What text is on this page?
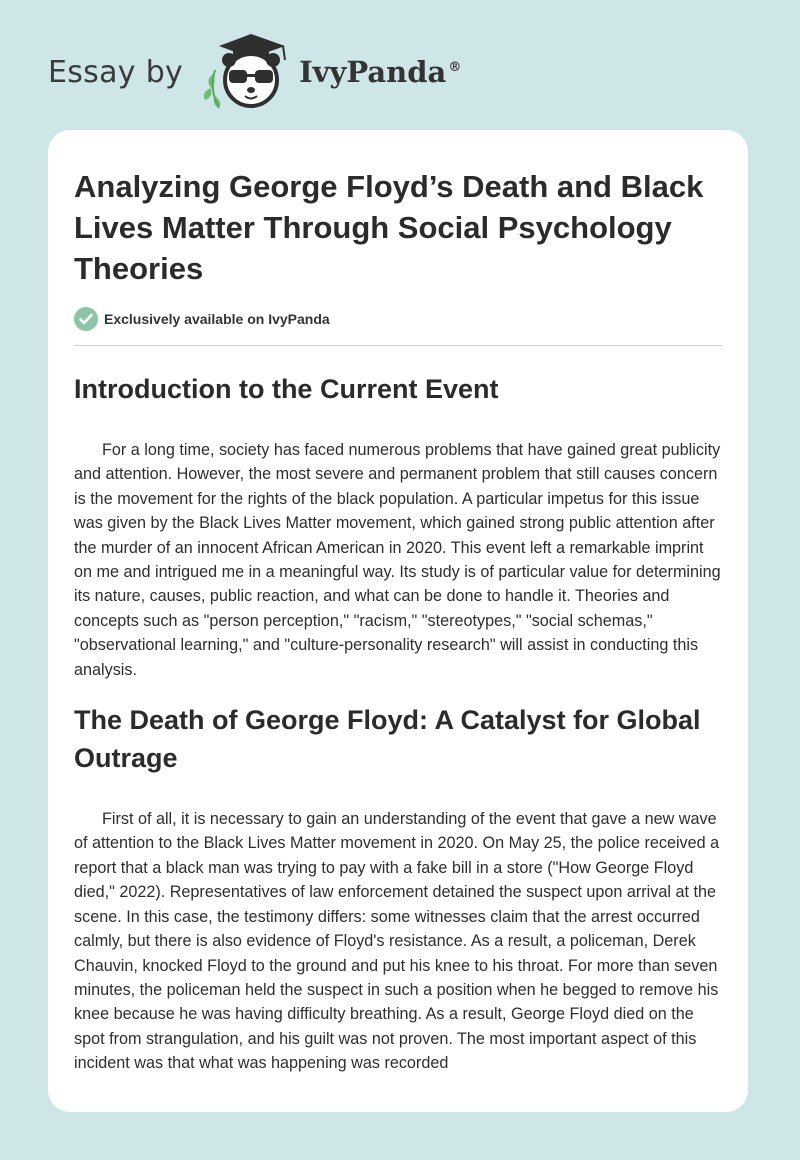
Essay by	IvyPanda ®
Analyzing George Floyd’s Death and Black Lives Matter Through Social Psychology Theories
Exclusively available on IvyPanda
Introduction to the Current Event

For a long time, society has faced numerous problems that have gained great publicity and attention. However, the most severe and permanent problem that still causes concern is the movement for the rights of the black population. A particular impetus for this issue was given by the Black Lives Matter movement, which gained strong public attention after the murder of an innocent African American in 2020. This event left a remarkable imprint on me and intrigued me in a meaningful way. Its study is of particular value for determining its nature, causes, public reaction, and what can be done to handle it. Theories and concepts such as "person perception," "racism," "stereotypes," "social schemas," "observational learning," and "culture-personality research" will assist in conducting this analysis.

The Death of George Floyd: A Catalyst for Global Outrage

First of all, it is necessary to gain an understanding of the event that gave a new wave of attention to the Black Lives Matter movement in 2020. On May 25, the police received a report that a black man was trying to pay with a fake bill in a store ("How George Floyd died," 2022). Representatives of law enforcement detained the suspect upon arrival at the scene. In this case, the testimony differs: some witnesses claim that the arrest occurred calmly, but there is also evidence of Floyd's resistance. As a result, a policeman, Derek Chauvin, knocked Floyd to the ground and put his knee to his throat. For more than seven minutes, the policeman held the suspect in such a position when he begged to remove his knee because he was having difficulty breathing. As a result, George Floyd died on the spot from strangulation, and his guilt was not proven. The most important aspect of this incident was that what was happening was recorded
